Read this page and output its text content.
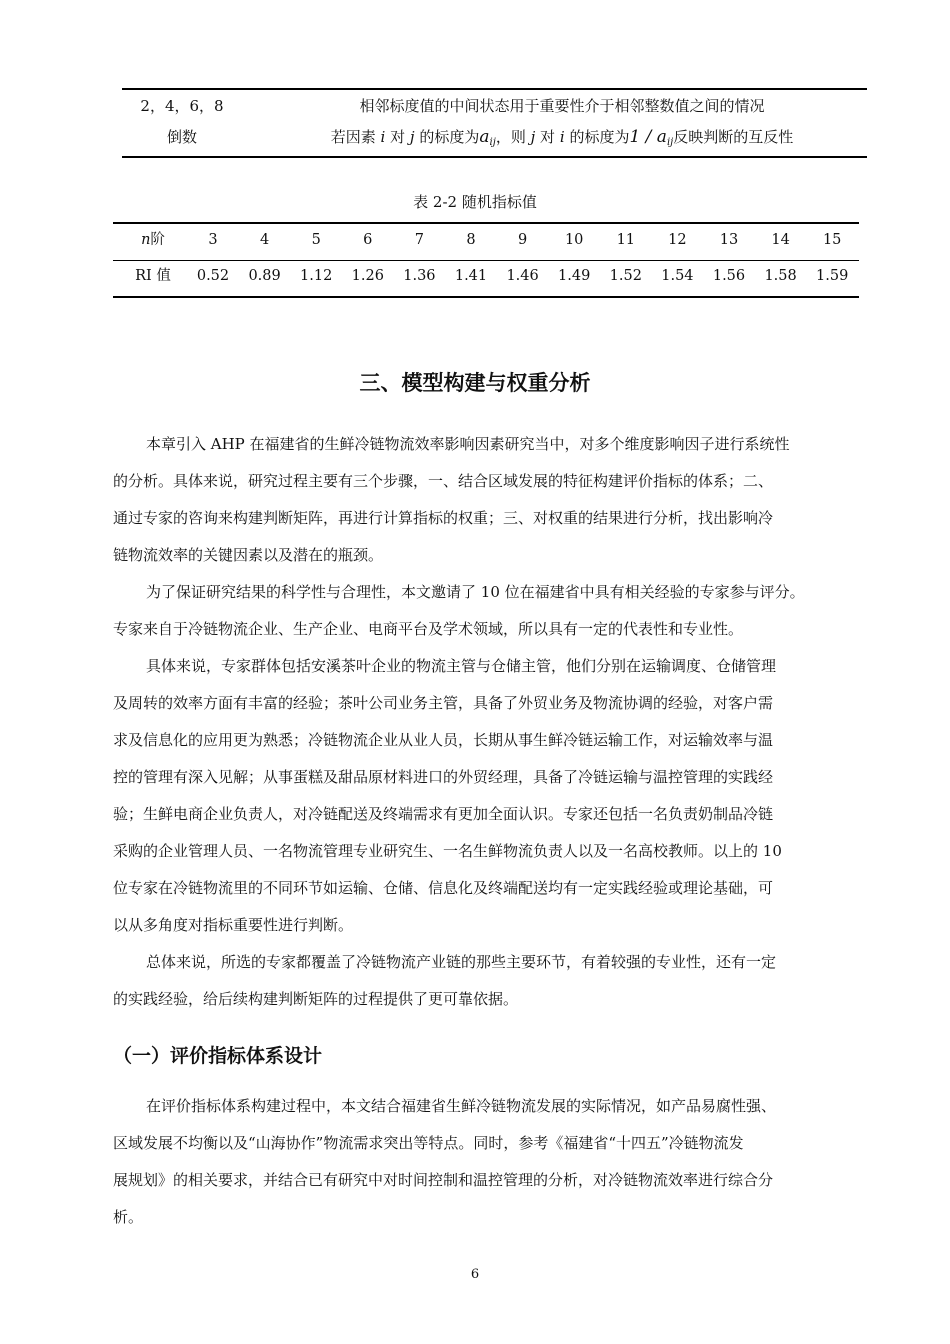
2，4，6，8	相邻标度值的中间状态用于重要性介于相邻整数值之间的情况
倒数	若因素 i 对 j 的标度为$a_{ij}$，则 j 对 i 的标度为$1 / a_{ij}$反映判断的互反性
表 2-2 随机指标值
n阶
RI 值
3
0.52
4
0.89
5
1.12
6
1.26
7
1.36
8
1.41
9
1.46
10
1.49
11
1.52
12
1.54
13
1.56
14
1.58
15
1.59
三、模型构建与权重分析
本章引入 AHP 在福建省的生鲜冷链物流效率影响因素研究当中，对多个维度影响因子进行系统性
的分析。具体来说，研究过程主要有三个步骤，一、结合区域发展的特征构建评价指标的体系；二、
通过专家的咨询来构建判断矩阵，再进行计算指标的权重；三、对权重的结果进行分析，找出影响冷
链物流效率的关键因素以及潜在的瓶颈。
为了保证研究结果的科学性与合理性，本文邀请了 10 位在福建省中具有相关经验的专家参与评分。
专家来自于冷链物流企业、生产企业、电商平台及学术领域，所以具有一定的代表性和专业性。
具体来说，专家群体包括安溪茶叶企业的物流主管与仓储主管，他们分别在运输调度、仓储管理
及周转的效率方面有丰富的经验；茶叶公司业务主管，具备了外贸业务及物流协调的经验，对客户需
求及信息化的应用更为熟悉；冷链物流企业从业人员，长期从事生鲜冷链运输工作，对运输效率与温
控的管理有深入见解；从事蛋糕及甜品原材料进口的外贸经理，具备了冷链运输与温控管理的实践经
验；生鲜电商企业负责人，对冷链配送及终端需求有更加全面认识。专家还包括一名负责奶制品冷链
采购的企业管理人员、一名物流管理专业研究生、一名生鲜物流负责人以及一名高校教师。以上的 10
位专家在冷链物流里的不同环节如运输、仓储、信息化及终端配送均有一定实践经验或理论基础，可
以从多角度对指标重要性进行判断。
总体来说，所选的专家都覆盖了冷链物流产业链的那些主要环节，有着较强的专业性，还有一定
的实践经验，给后续构建判断矩阵的过程提供了更可靠依据。
在评价指标体系构建过程中，本文结合福建省生鲜冷链物流发展的实际情况，如产品易腐性强、
区域发展不均衡以及“山海协作”物流需求突出等特点。同时，参考《福建省“十四五”冷链物流发
展规划》的相关要求，并结合已有研究中对时间控制和温控管理的分析，对冷链物流效率进行综合分
析。
（一）评价指标体系设计
6
